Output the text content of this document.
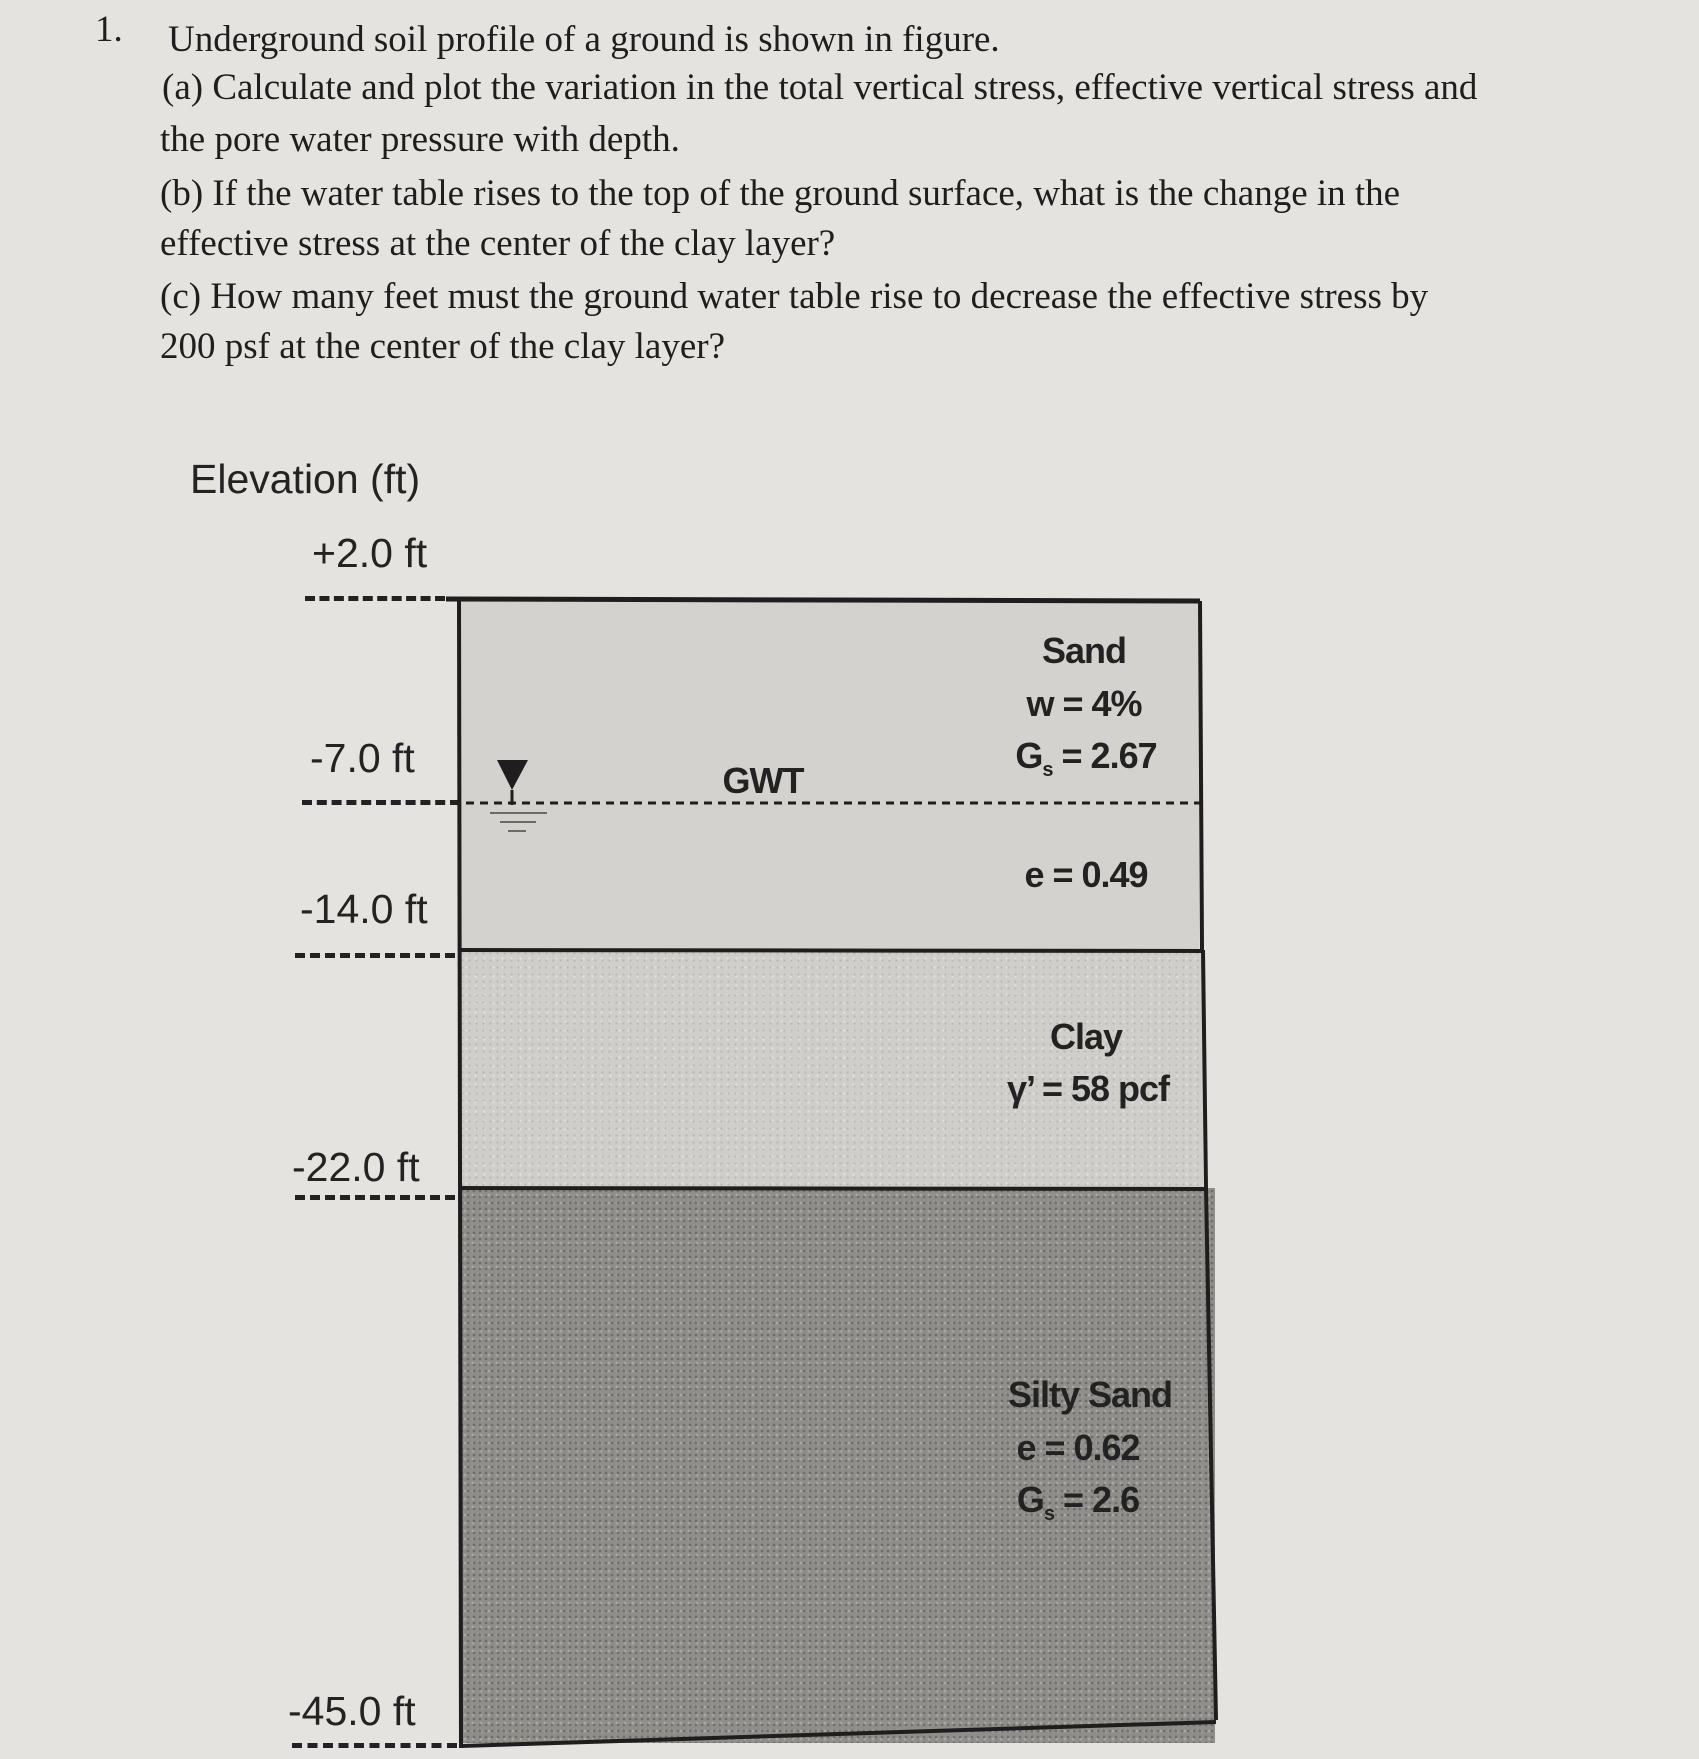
1. Underground soil profile of a ground is shown in figure.
(a) Calculate and plot the variation in the total vertical stress, effective vertical stress and
the pore water pressure with depth.
(b) If the water table rises to the top of the ground surface, what is the change in the
effective stress at the center of the clay layer?
(c) How many feet must the ground water table rise to decrease the effective stress by
200 psf at the center of the clay layer?
Elevation (ft)
+2.0 ft
-7.0 ft
-14.0 ft
-22.0 ft
-45.0 ft
GWT
Sand
w = 4%
$G_s = 2.67$
e = 0.49
Clay
γ’ = 58 pcf
Silty Sand
e = 0.62
$G_s = 2.6$
